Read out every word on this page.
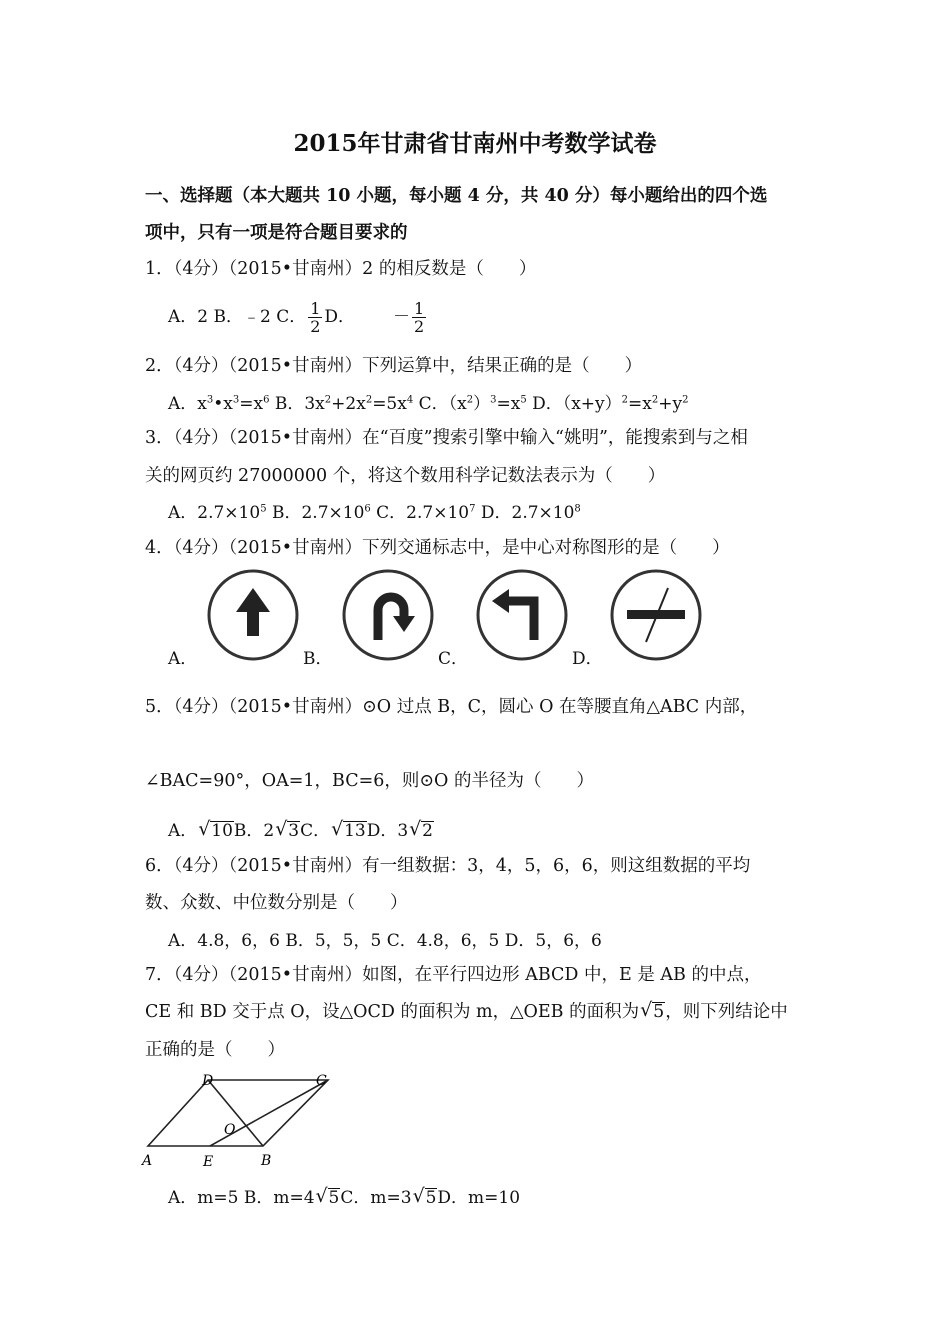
2015年甘肃省甘南州中考数学试卷
一、选择题（本大题共 10 小题，每小题 4 分，共 40 分）每小题给出的四个选
项中，只有一项是符合题目要求的
1．（4分）（2015•甘南州）2 的相反数是（　　）
A．2 B．﹣2 C． $\frac{1}{2}$ D． － $\frac{1}{2}$
2．（4分）（2015•甘南州）下列运算中，结果正确的是（　　）
A．$x^3•x^3=x^6$ B．$3x^2+2x^2=5x^4$ C．$(x^2)^3=x^5$ D．$(x+y)^2=x^2+y^2$
3．（4分）（2015•甘南州）在“百度”搜索引擎中输入“姚明”，能搜索到与之相
关的网页约 27000000 个，将这个数用科学记数法表示为（　　）
A．$2.7\times 10^5$ B．$2.7\times 10^6$ C．$2.7\times 10^7$ D．$2.7\times 10^8$
4．（4分）（2015•甘南州）下列交通标志中，是中心对称图形的是（　　）
A．	B．	C．	D．
5．（4分）（2015•甘南州）⊙O 过点 B，C，圆心 O 在等腰直角△ABC 内部，
∠BAC=90°，OA=1，BC=6，则⊙O 的半径为（　　）
A． √ 10B．2 √ 3C． √ 13D．3 √ 2
6．（4分）（2015•甘南州）有一组数据：3，4，5，6，6，则这组数据的平均
数、众数、中位数分别是（　　）
A．4.8，6，6 B．5，5，5 C．4.8，6，5 D．5，6，6
7．（4分）（2015•甘南州）如图，在平行四边形 ABCD 中，E 是 AB 的中点，
CE 和 BD 交于点 O，设△OCD 的面积为 m，△OEB 的面积为 √ 5，则下列结论中
正确的是（　　）
A	B
E
D	C
O
A．m=5 B．m=4 √ 5C．m=3 √ 5D．m=10
